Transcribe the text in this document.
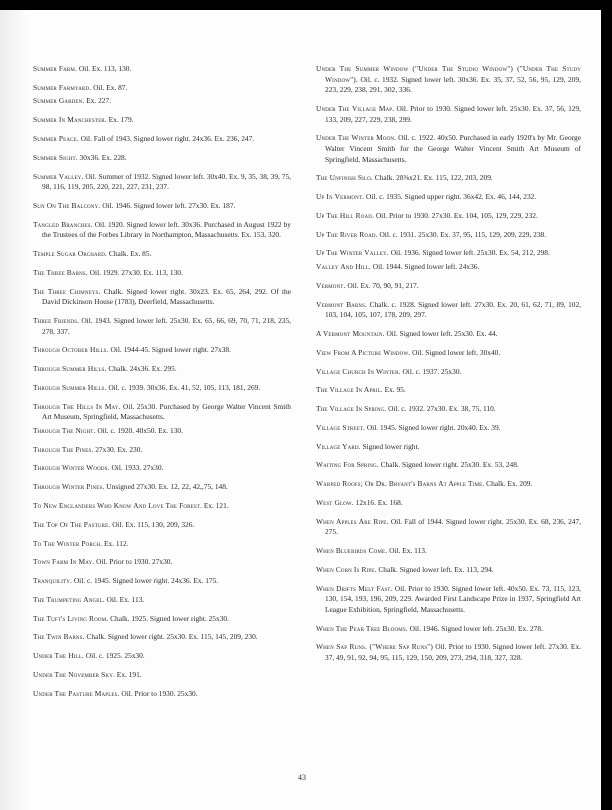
Summer Farm. Oil. Ex. 113, 130.

Summer Farmyard. Oil. Ex. 87.

Summer Garden. Ex. 227.

Summer In Manchester. Ex. 179.

Summer Peace. Oil. Fall of 1943. Signed lower right. 24x36. Ex. 236, 247.

Summer Sight. 30x36. Ex. 228.

Summer Valley. Oil. Summer of 1932. Signed lower left. 30x40. Ex. 9, 35, 38, 39, 75, 98, 116, 119, 205, 220, 221, 227, 231, 237.

Sun On The Balcony. Oil. 1946. Signed lower left. 27x30. Ex. 187.

Tangled Branches. Oil. 1920. Signed lower left. 30x36. Purchased in August 1922 by the Trustees of the Forbes Library in Northampton, Massachusetts. Ex. 153, 320.

Temple Sugar Orchard. Chalk. Ex. 85.

The Three Barns. Oil. 1929. 27x30. Ex. 113, 130.

The Three Chimneys. Chalk. Signed lower right. 30x23. Ex. 65, 264, 292. Of the David Dickinson House (1783), Deerfield, Massachusetts.

Three Friends. Oil. 1943. Signed lower left. 25x30. Ex. 65, 66, 69, 70, 71, 218, 235, 278, 337.

Through October Hills. Oil. 1944-45. Signed lower right. 27x38.

Through Summer Hills. Chalk. 24x36. Ex. 295.

Through Summer Hills. Oil. c. 1939. 30x36. Ex. 41, 52, 105, 113, 181, 269.

Through The Hills In May. Oil. 25x30. Purchased by George Walter Vincent Smith Art Museum, Springfield, Massachusetts.

Through The Night. Oil. c. 1920. 40x50. Ex. 130.

Through The Pines. 27x30. Ex. 230.

Through Winter Woods. Oil. 1933. 27x30.

Through Winter Pines. Unsigned 27x30. Ex. 12, 22, 42,,75, 148.

To New Englanders Who Know And Love The Forest. Ex. 121.

The Top Of The Pasture. Oil. Ex. 115, 130, 209, 326.

To The Winter Porch. Ex. 112.

Town Farm In May. Oil. Prior to 1930. 27x30.

Tranquility. Oil. c. 1945. Signed lower right. 24x36. Ex. 175.

The Trumpeting Angel. Oil. Ex. 113.

The Tuft's Living Room. Chalk. 1925. Signed lower right. 25x30.

The Twin Barns. Chalk. Signed lower right. 25x30. Ex. 115, 145, 209, 230.

Under The Hill. Oil. c. 1925. 25x30.

Under The November Sky. Ex. 191.

Under The Pasture Maples. Oil. Prior to 1930. 25x30.

Under The Summer Window ("Under The Studio Window") ("Under The Study Window"). Oil. c. 1932. Signed lower left. 30x36. Ex. 35, 37, 52, 56, 95, 129, 209, 223, 229, 238, 291, 302, 336.

Under The Village Map. Oil. Prior to 1930. Signed lower left. 25x30. Ex. 37, 56, 129, 133, 209, 227, 229, 238, 299.

Under The Winter Moon. Oil. c. 1922. 40x50. Purchased in early 1920's by Mr. George Walter Vincent Smith for the George Walter Vincent Smith Art Museum of Springfield, Massachusetts.

The Unfinish Silo. Chalk. 28⅝x21. Ex. 115, 122, 203, 209.

Up In Vermont. Oil. c. 1935. Signed upper right. 36x42. Ex. 46, 144, 232.

Up The Hill Road. Oil. Prior to 1930. 27x30. Ex. 104, 105, 129, 229, 232.

Up The River Road. Oil. c. 1931. 25x30. Ex. 37, 95, 115, 129, 209, 229, 238.

Up The Winter Valley. Oil. 1936. Signed lower left. 25x30. Ex. 54, 212, 298.

Valley And Hill. Oil. 1944. Signed lower left. 24x36.

Vermont. Oil. Ex. 70, 90, 91, 217.

Vermont Barns. Chalk. c. 1928. Signed lower left. 27x30. Ex. 20, 61, 62, 71, 89, 102, 103, 104, 105, 107, 178, 209, 297.

A Vermont Mountain. Oil. Signed lower left. 25x30. Ex. 44.

View From A Picture Window. Oil. Signed lower left. 30x40.

Village Church In Winter. Oil. c. 1937. 25x30.

The Village In April. Ex. 95.

The Village In Spring. Oil. c. 1932. 27x30. Ex. 38, 75, 110.

Village Street. Oil. 1945. Signed lower right. 20x40. Ex. 39.

Village Yard. Signed lower right.

Waiting For Spring. Chalk. Signed lower right. 25x30. Ex. 53, 248.

Warped Roofs; Or Dr. Bryant's Barns At Apple Time. Chalk. Ex. 209.

West Glow. 12x16. Ex. 168.

When Apples Are Ripe. Oil. Fall of 1944. Signed lower right. 25x30. Ex. 68, 236, 247, 275.

When Bluebirds Come. Oil. Ex. 113.

When Corn Is Ripe. Chalk. Signed lower left. Ex. 113, 294.

When Drifts Melt Fast. Oil. Prior to 1930. Signed lower left. 40x50. Ex. 73, 115, 123, 130, 154, 193, 196, 209, 229. Awarded First Landscape Prize in 1937, Springfield Art League Exhibition, Springfield, Massachusetts.

When The Pear Tree Blooms. Oil. 1946. Signed lower left. 25x30. Ex. 278.

When Sap Runs. ("Where Sap Runs") Oil. Prior to 1930. Signed lower left. 27x30. Ex. 37, 49, 91, 92, 94, 95, 115, 129, 150, 209, 273, 294, 318, 327, 328.

43
